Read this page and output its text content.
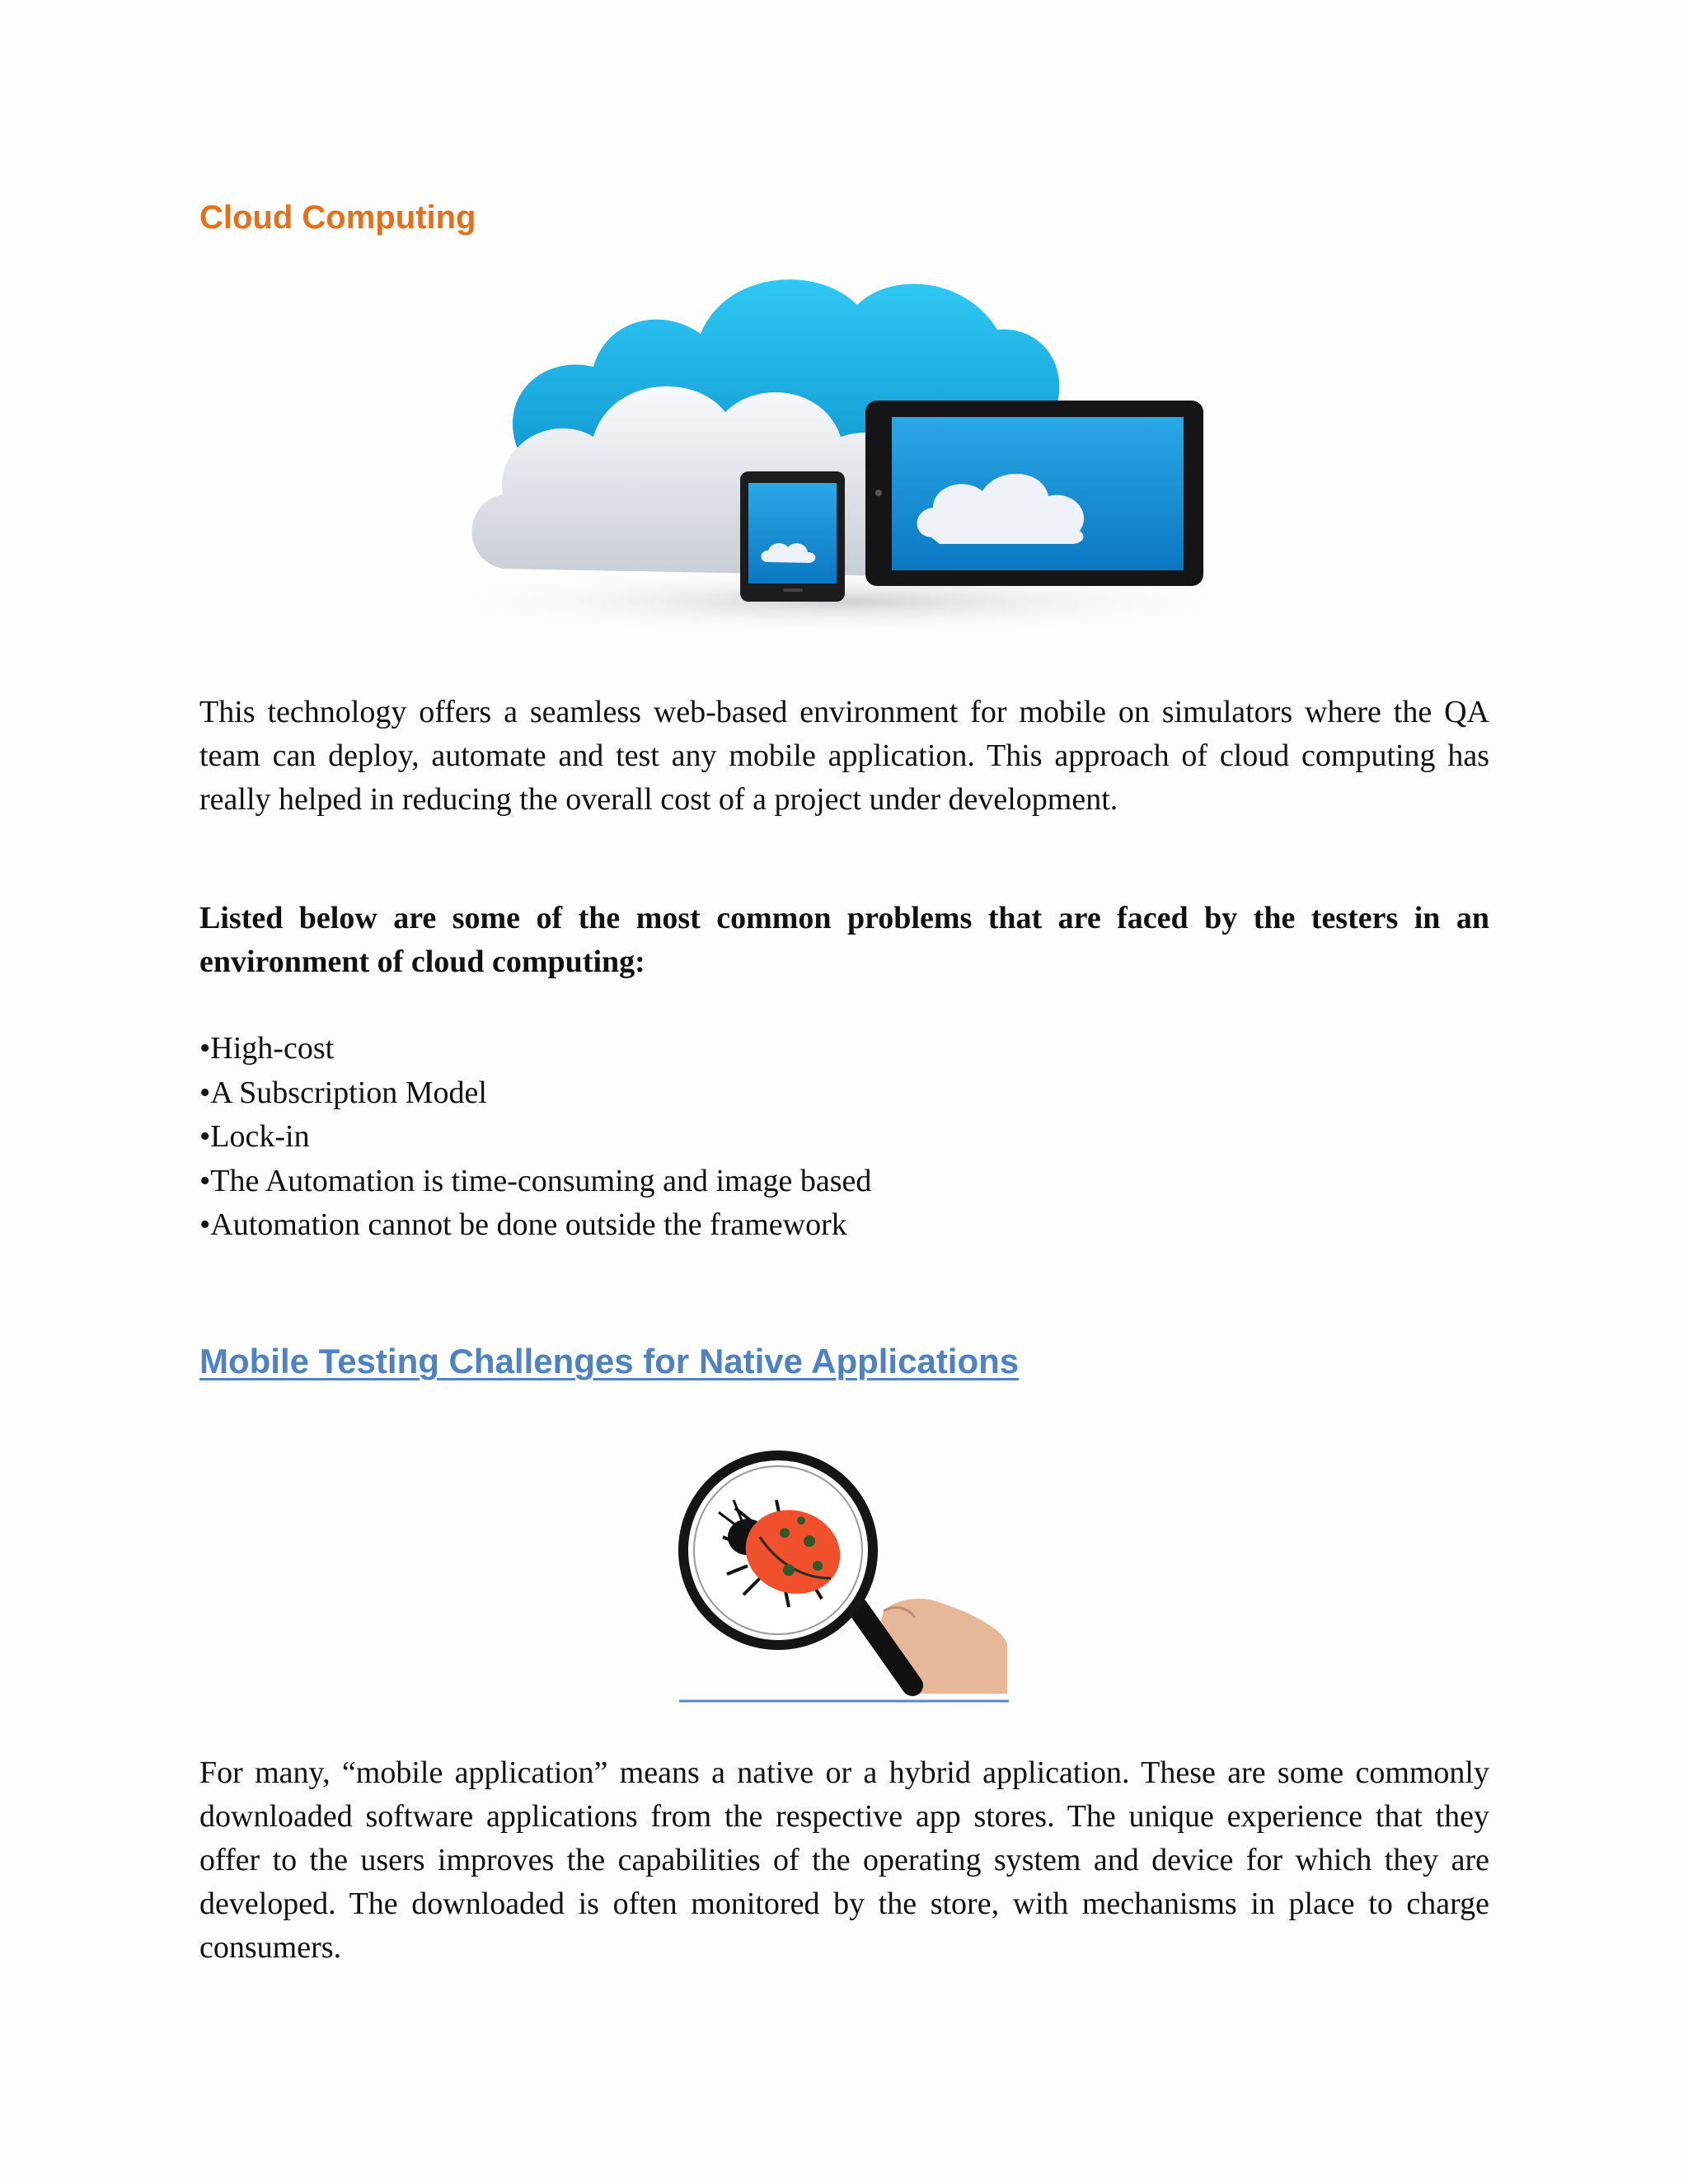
Cloud Computing

This technology offers a seamless web-based environment for mobile on simulators where the QA team can deploy, automate and test any mobile application. This approach of cloud computing has really helped in reducing the overall cost of a project under development.

Listed below are some of the most common problems that are faced by the testers in an environment of cloud computing:

•High-cost
•A Subscription Model
•Lock-in
•The Automation is time-consuming and image based
•Automation cannot be done outside the framework
Mobile Testing Challenges for Native Applications

For many, “mobile application” means a native or a hybrid application. These are some commonly downloaded software applications from the respective app stores. The unique experience that they offer to the users improves the capabilities of the operating system and device for which they are developed. The downloaded is often monitored by the store, with mechanisms in place to charge consumers.
